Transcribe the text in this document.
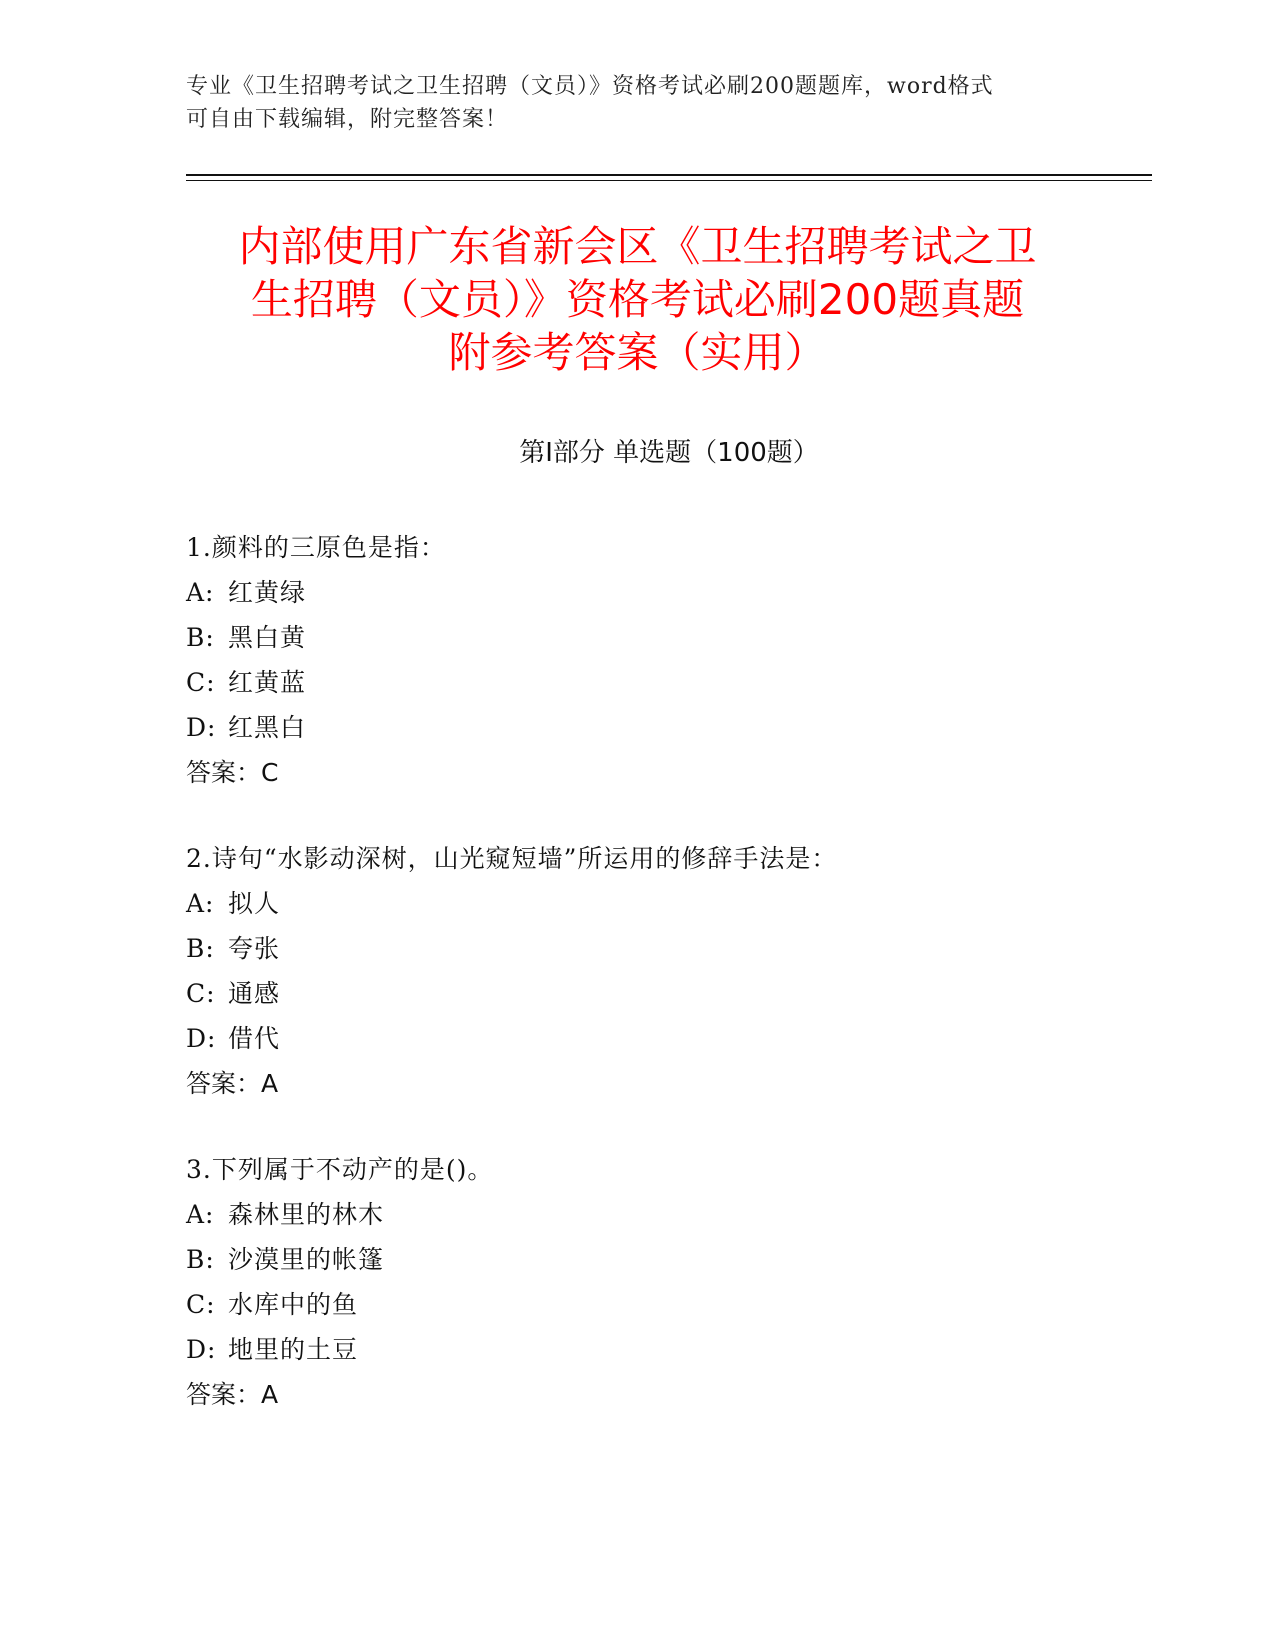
专业《卫生招聘考试之卫生招聘（文员）》资格考试必刷200题题库，word格式
可自由下载编辑，附完整答案！
内部使用广东省新会区《卫生招聘考试之卫
生招聘（文员）》资格考试必刷200题真题
附参考答案（实用）
第Ⅰ部分 单选题（100题）
1.颜料的三原色是指：
A: 红黄绿
B: 黑白黄
C: 红黄蓝
D: 红黑白
答案：C
2.诗句“水影动深树，山光窥短墙”所运用的修辞手法是：
A: 拟人
B: 夸张
C: 通感
D: 借代
答案：A
3.下列属于不动产的是()。
A: 森林里的林木
B: 沙漠里的帐篷
C: 水库中的鱼
D: 地里的土豆
答案：A
